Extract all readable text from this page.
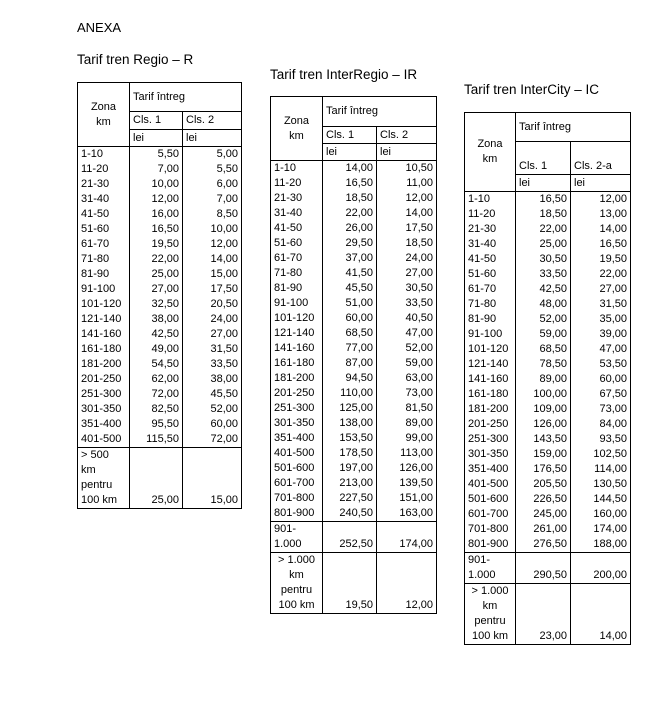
ANEXA
Tarif tren Regio – R
Zona
km	Tarif întreg	
	Cls. 1	Cls. 2
	lei	lei
1-10	5,50	5,00
11-20	7,00	5,50
21-30	10,00	6,00
31-40	12,00	7,00
41-50	16,00	8,50
51-60	16,50	10,00
61-70	19,50	12,00
71-80	22,00	14,00
81-90	25,00	15,00
91-100	27,00	17,50
101-120	32,50	20,50
121-140	38,00	24,00
141-160	42,50	27,00
161-180	49,00	31,50
181-200	54,50	33,50
201-250	62,00	38,00
251-300	72,00	45,50
301-350	82,50	52,00
351-400	95,50	60,00
401-500	115,50	72,00
> 500
km
pentru
100 km	25,00	15,00
Tarif tren InterRegio – IR
Zona
km	Tarif întreg	
	Cls. 1	Cls. 2
	lei	lei
1-10	14,00	10,50
11-20	16,50	11,00
21-30	18,50	12,00
31-40	22,00	14,00
41-50	26,00	17,50
51-60	29,50	18,50
61-70	37,00	24,00
71-80	41,50	27,00
81-90	45,50	30,50
91-100	51,00	33,50
101-120	60,00	40,50
121-140	68,50	47,00
141-160	77,00	52,00
161-180	87,00	59,00
181-200	94,50	63,00
201-250	110,00	73,00
251-300	125,00	81,50
301-350	138,00	89,00
351-400	153,50	99,00
401-500	178,50	113,00
501-600	197,00	126,00
601-700	213,00	139,50
701-800	227,50	151,00
801-900	240,50	163,00
901-
1.000	252,50	174,00
> 1.000
km
pentru
100 km	19,50	12,00
Tarif tren InterCity – IC
Zona
km	Tarif întreg	
	Cls. 1	Cls. 2-a
	lei	lei
1-10	16,50	12,00
11-20	18,50	13,00
21-30	22,00	14,00
31-40	25,00	16,50
41-50	30,50	19,50
51-60	33,50	22,00
61-70	42,50	27,00
71-80	48,00	31,50
81-90	52,00	35,00
91-100	59,00	39,00
101-120	68,50	47,00
121-140	78,50	53,50
141-160	89,00	60,00
161-180	100,00	67,50
181-200	109,00	73,00
201-250	126,00	84,00
251-300	143,50	93,50
301-350	159,00	102,50
351-400	176,50	114,00
401-500	205,50	130,50
501-600	226,50	144,50
601-700	245,00	160,00
701-800	261,00	174,00
801-900	276,50	188,00
901-
1.000	290,50	200,00
> 1.000
km
pentru
100 km	23,00	14,00
